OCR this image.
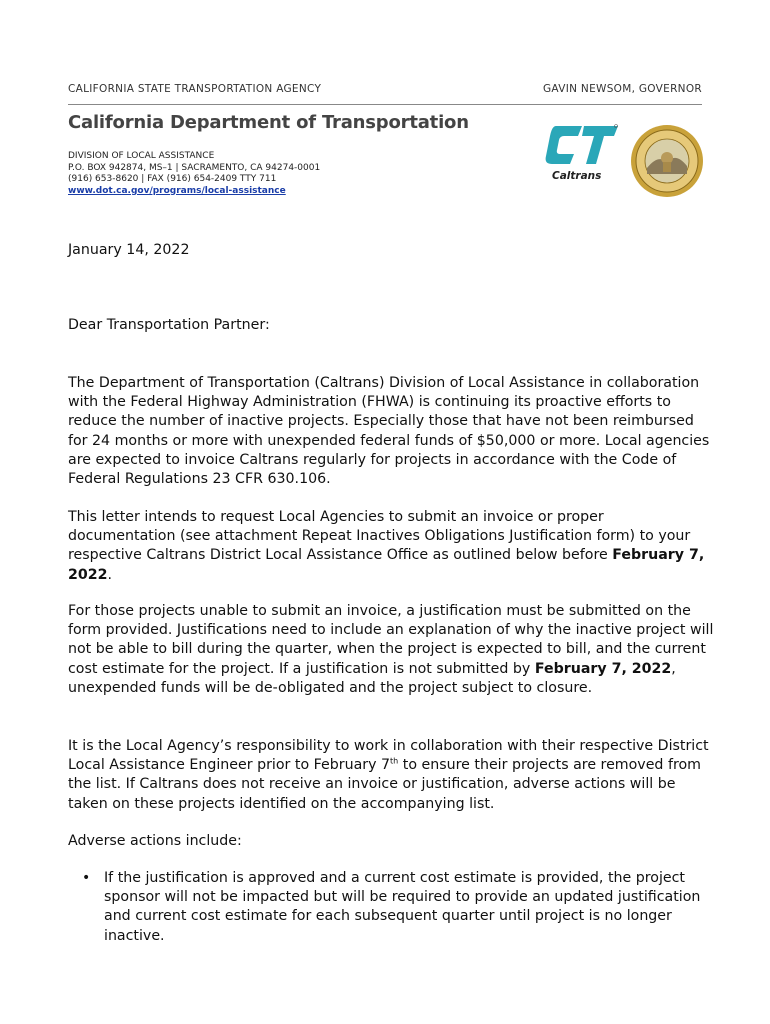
CALIFORNIA STATE TRANSPORTATION AGENCY	GAVIN NEWSOM, GOVERNOR
California Department of Transportation
DIVISION OF LOCAL ASSISTANCE
P.O. BOX 942874, MS–1 | SACRAMENTO, CA 94274-0001
(916) 653-8620 | FAX (916) 654-2409 TTY 711
www.dot.ca.gov/programs/local-assistance
Caltrans
January 14, 2022
Dear Transportation Partner:
The Department of Transportation (Caltrans) Division of Local Assistance in collaboration with the Federal Highway Administration (FHWA) is continuing its proactive efforts to reduce the number of inactive projects. Especially those that have not been reimbursed for 24 months or more with unexpended federal funds of $50,000 or more. Local agencies are expected to invoice Caltrans regularly for projects in accordance with the Code of Federal Regulations 23 CFR 630.106.
This letter intends to request Local Agencies to submit an invoice or proper documentation (see attachment Repeat Inactives Obligations Justification form) to your respective Caltrans District Local Assistance Office as outlined below before February 7, 2022.
For those projects unable to submit an invoice, a justification must be submitted on the form provided. Justifications need to include an explanation of why the inactive project will not be able to bill during the quarter, when the project is expected to bill, and the current cost estimate for the project. If a justification is not submitted by February 7, 2022, unexpended funds will be de-obligated and the project subject to closure.
It is the Local Agency’s responsibility to work in collaboration with their respective District Local Assistance Engineer prior to February 7th to ensure their projects are removed from the list. If Caltrans does not receive an invoice or justification, adverse actions will be taken on these projects identified on the accompanying list.
Adverse actions include:
• If the justification is approved and a current cost estimate is provided, the project sponsor will not be impacted but will be required to provide an updated justification and current cost estimate for each subsequent quarter until project is no longer inactive.
